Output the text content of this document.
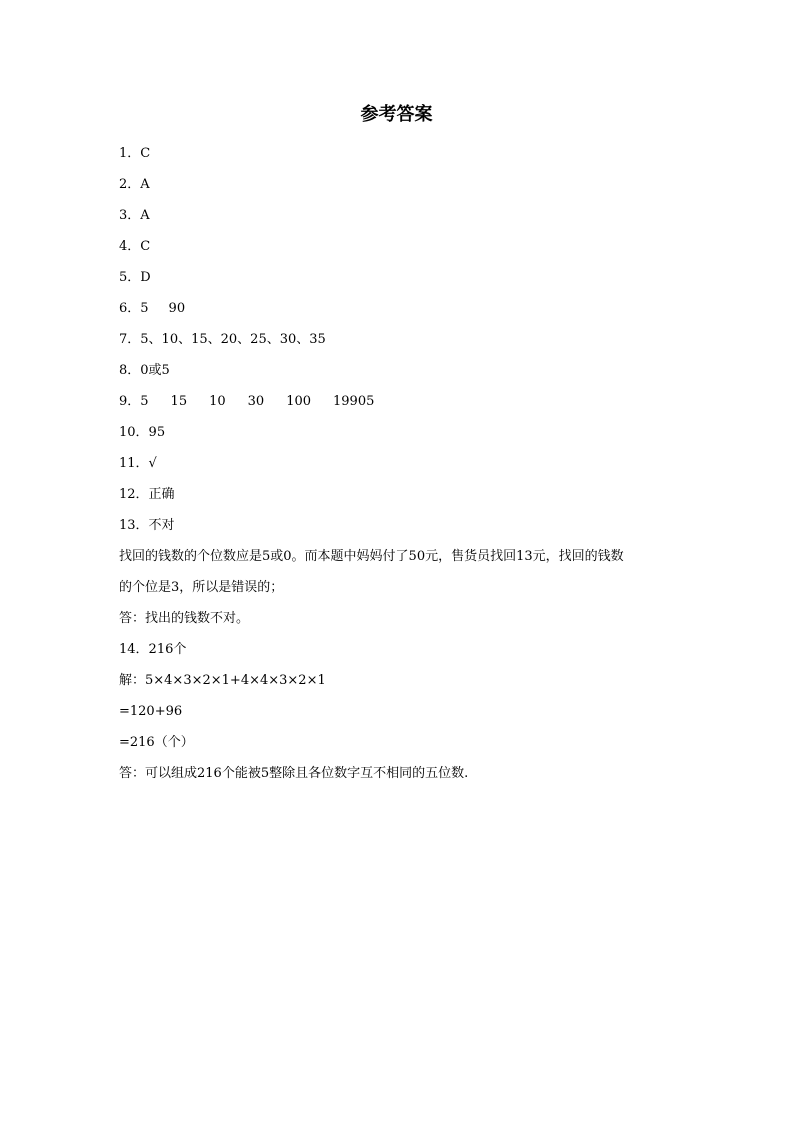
参考答案
1．C
2．A
3．A
4．C
5．D
6．5 90
7．5、10、15、20、25、30、35
8．0或5
9．5 15 10 30 100 19905
10．95
11．√
12．正确
13．不对
找回的钱数的个位数应是5或0。而本题中妈妈付了50元，售货员找回13元，找回的钱数
的个位是3，所以是错误的；
答：找出的钱数不对。
14．216个
解：5×4×3×2×1+4×4×3×2×1
=120+96
=216（个）
答：可以组成216个能被5整除且各位数字互不相同的五位数.
